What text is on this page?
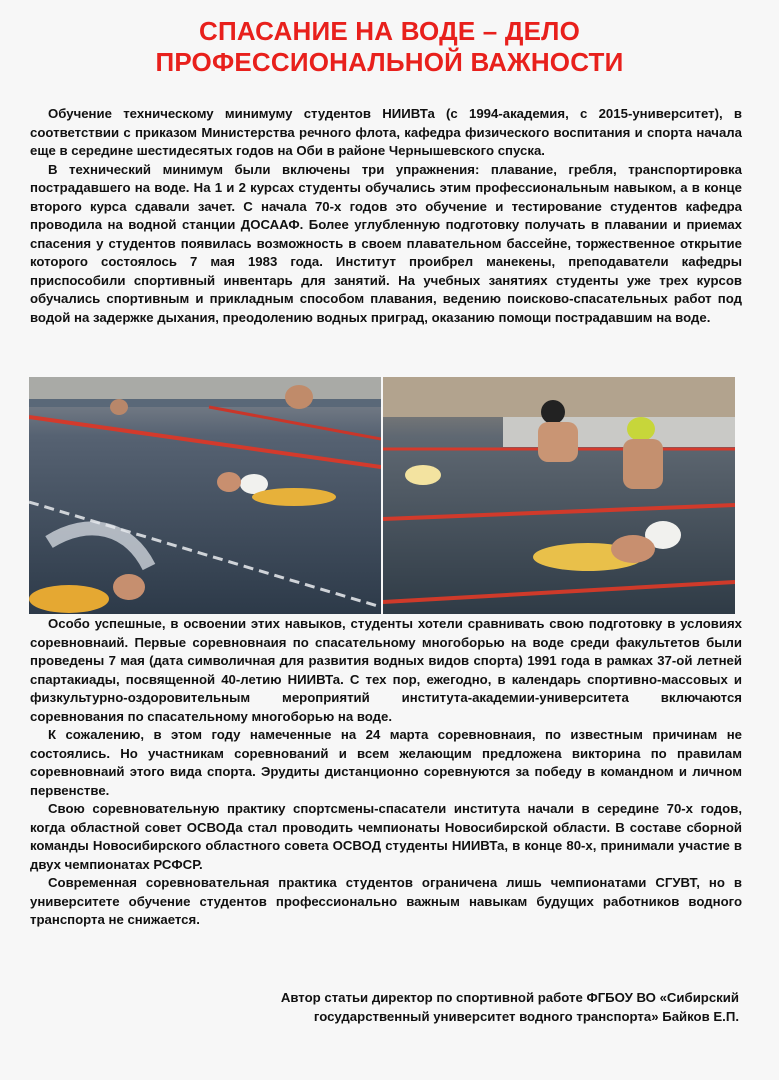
СПАСАНИЕ НА ВОДЕ – ДЕЛО
ПРОФЕССИОНАЛЬНОЙ ВАЖНОСТИ

Обучение техническому минимуму студентов НИИВТа (с 1994-академия, с 2015-университет), в соответствии с приказом Министерства речного флота, кафедра физического воспитания и спорта начала еще в середине шестидесятых годов на Оби в районе Чернышевского спуска.

В технический минимум были включены три упражнения: плавание, гребля, транспортировка пострадавшего на воде. На 1 и 2 курсах студенты обучались этим профессиональным навыком, а в конце второго курса сдавали зачет. С начала 70-х годов это обучение и тестирование студентов кафедра проводила на водной станции ДОСААФ. Более углубленную подготовку получать в плавании и приемах спасения у студентов появилась возможность в своем плавательном бассейне, торжественное открытие которого состоялось 7 мая 1983 года. Институт проибрел манекены, преподаватели кафедры приспособили спортивный инвентарь для занятий. На учебных занятиях студенты уже трех курсов обучались спортивным и прикладным способом плавания, ведению поисково-спасательных работ под водой на задержке дыхания, преодолению водных приград, оказанию помощи пострадавшим на воде.

Особо успешные, в освоении этих навыков, студенты хотели сравнивать свою подготовку в условиях соревновнаий. Первые соревновнаия по спасательному многоборью на воде среди факультетов были проведены 7 мая (дата символичная для развития водных видов спорта) 1991 года в рамках 37-ой летней спартакиады, посвященной 40-летию НИИВТа. С тех пор, ежегодно, в календарь спортивно-массовых и физкультурно-оздоровительным мероприятий института-академии-университета включаются соревнования по спасательному многоборью на воде.

К сожалению, в этом году намеченные на 24 марта соревновнаия, по известным причинам не состоялись. Но участникам соревнований и всем желающим предложена викторина по правилам соревновнаий этого вида спорта. Эрудиты дистанционно соревнуются за победу в командном и личном первенстве.

Свою соревновательную практику спортсмены-спасатели института начали в середине 70-х годов, когда областной совет ОСВОДа стал проводить чемпионаты Новосибирской области. В составе сборной команды Новосибирского областного совета ОСВОД студенты НИИВТа, в конце 80-х, принимали участие в двух чемпионатах РСФСР.

Современная соревновательная практика студентов ограничена лишь чемпионатами СГУВТ, но в университете обучение студентов профессионально важным навыкам будущих работников водного транспорта не снижается.

Автор статьи директор по спортивной работе ФГБОУ ВО «Сибирский
государственный университет водного транспорта» Байков Е.П.
